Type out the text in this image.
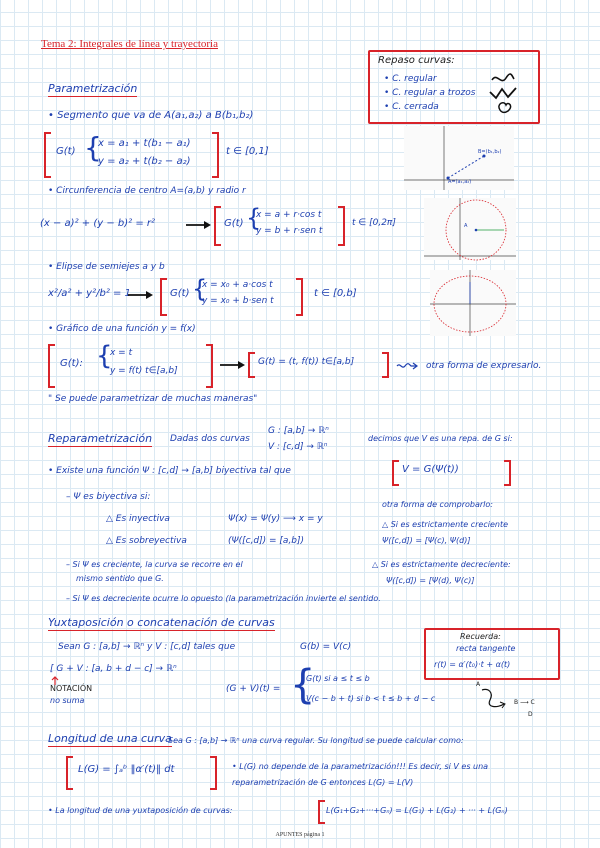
Tema 2: Integrales de línea y trayectoria
Repaso curvas:
• C. regular
• C. regular a trozos
• C. cerrada
Parametrización
• Segmento que va de A(a₁,a₂) a B(b₁,b₂)
G(t) {
x = a₁ + t(b₁ − a₁)
y = a₂ + t(b₂ − a₂)
t ∈ [0,1]	B=(b₁,b₂)
A=(a₁,a₂)
• Circunferencia de centro A=(a,b) y radio r
(x − a)² + (y − b)² = r²	G(t) {
x = a + r·cos t
y = b + r·sen t
t ∈ [0,2π]	A
• Elipse de semiejes a y b
x²/a² + y²/b² = 1	G(t) {
x = x₀ + a·cos t
y = x₀ + b·sen t
t ∈ [0,b]
• Gráfico de una función y = f(x)
G(t): {
x = t
y = f(t) t∈[a,b]
G(t) = (t, f(t)) t∈[a,b]	otra forma de expresarlo.
" Se puede parametrizar de muchas maneras"
Reparametrización Dadas dos curvas
G : [a,b] → ℝⁿ
V : [c,d] → ℝⁿ
decimos que V es una repa. de G si:
• Existe una función Ψ : [c,d] → [a,b] biyectiva tal que	V = G(Ψ(t))
– Ψ es biyectiva si:
△ Es inyectiva	Ψ(x) = Ψ(y) ⟶ x = y
△ Es sobreyectiva	(Ψ([c,d]) = [a,b])
otra forma de comprobarlo:
△ Si es estrictamente creciente
Ψ([c,d]) = [Ψ(c), Ψ(d)]
△ Si es estrictamente decreciente:
Ψ([c,d]) = [Ψ(d), Ψ(c)]
– Si Ψ es creciente, la curva se recorre en el
mismo sentido que G.
– Si Ψ es decreciente ocurre lo opuesto (la parametrización invierte el sentido.
Yuxtaposición o concatenación de curvas
Sean G : [a,b] → ℝⁿ y V : [c,d] tales que	G(b) = V(c)
[ G + V : [a, b + d − c] → ℝⁿ
NOTACIÓN
no suma
(G + V)(t) = {
G(t) si a ≤ t ≤ b
V(c − b + t) si b < t ≤ b + d − c
Recuerda:
recta tangente
r(t) = α′(t₀)·t + α(t)
A
B ⟶ C
D
Longitud de una curva
Sea G : [a,b] → ℝⁿ una curva regular. Su longitud se puede calcular como:
L(G) = ∫ₐᵇ ‖α′(t)‖ dt	• L(G) no depende de la parametrización!!! Es decir, si V es una
reparametrización de G entonces L(G) = L(V)
• La longitud de una yuxtaposición de curvas:	L(G₁+G₂+···+Gₙ) = L(G₁) + L(G₂) + ··· + L(Gₙ)
APUNTES página 1
